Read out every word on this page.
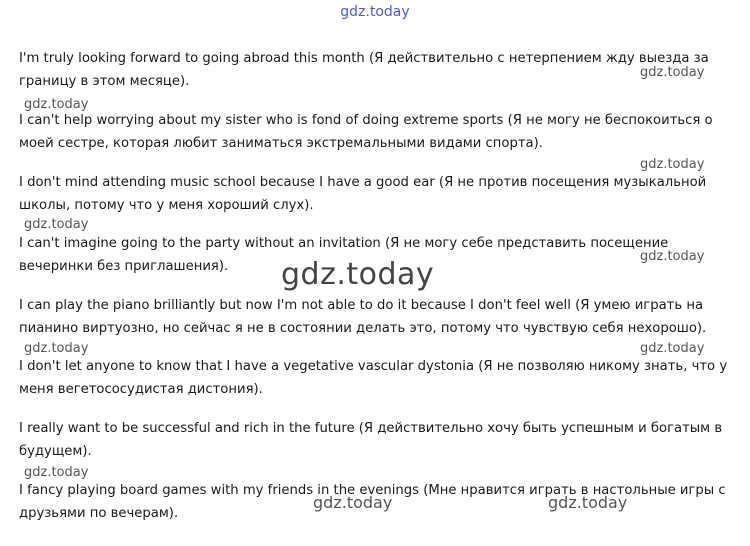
gdz.today
gdz.today
gdz.today
gdz.today
gdz.today
gdz.today
gdz.today
gdz.today	gdz.today
gdz.today
gdz.today	gdz.today

I'm truly looking forward to going abroad this month (Я действительно с нетерпением жду выезда за границу в этом месяце).

I can't help worrying about my sister who is fond of doing extreme sports (Я не могу не беспокоиться о моей сестре, которая любит заниматься экстремальными видами спорта).

I don't mind attending music school because I have a good ear (Я не против посещения музыкальной школы, потому что у меня хороший слух).

I can't imagine going to the party without an invitation (Я не могу себе представить посещение вечеринки без приглашения).

I can play the piano brilliantly but now I'm not able to do it because I don't feel well (Я умею играть на пианино виртуозно, но сейчас я не в состоянии делать это, потому что чувствую себя нехорошо).

I don't let anyone to know that I have a vegetative vascular dystonia (Я не позволяю никому знать, что у меня вегетососудистая дистония).

I really want to be successful and rich in the future (Я действительно хочу быть успешным и богатым в будущем).

I fancy playing board games with my friends in the evenings (Мне нравится играть в настольные игры с друзьями по вечерам).
